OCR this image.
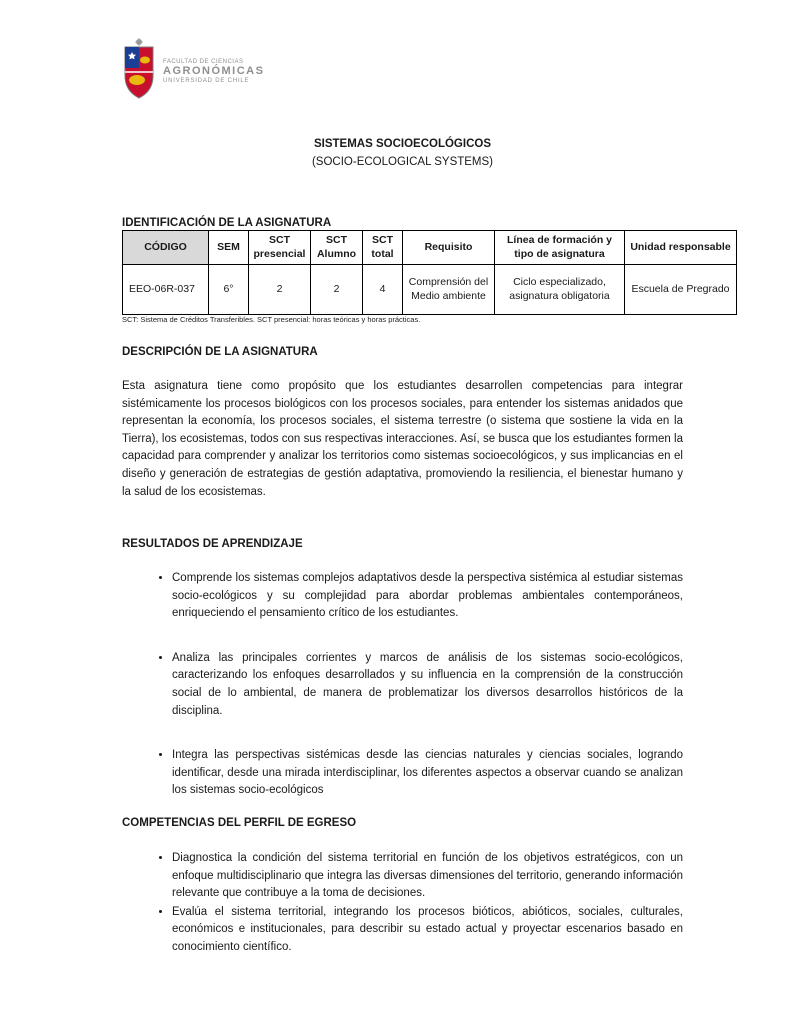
FACULTAD DE CIENCIAS
AGRONÓMICAS
UNIVERSIDAD DE CHILE
SISTEMAS SOCIOECOLÓGICOS
(SOCIO-ECOLOGICAL SYSTEMS)
IDENTIFICACIÓN DE LA ASIGNATURA
CÓDIGO	SEM	SCT presencial	SCT Alumno	SCT total	Requisito	Línea de formación y tipo de asignatura	Unidad responsable
EEO-06R-037	6°	2	2	4	Comprensión del Medio ambiente	Ciclo especializado, asignatura obligatoria	Escuela de Pregrado
SCT: Sistema de Créditos Transferibles. SCT presencial: horas teóricas y horas prácticas.
DESCRIPCIÓN DE LA ASIGNATURA
Esta asignatura tiene como propósito que los estudiantes desarrollen competencias para integrar sistémicamente los procesos biológicos con los procesos sociales, para entender los sistemas anidados que representan la economía, los procesos sociales, el sistema terrestre (o sistema que sostiene la vida en la Tierra), los ecosistemas, todos con sus respectivas interacciones. Así, se busca que los estudiantes formen la capacidad para comprender y analizar los territorios como sistemas socioecológicos, y sus implicancias en el diseño y generación de estrategias de gestión adaptativa, promoviendo la resiliencia, el bienestar humano y la salud de los ecosistemas.
RESULTADOS DE APRENDIZAJE
• Comprende los sistemas complejos adaptativos desde la perspectiva sistémica al estudiar sistemas socio-ecológicos y su complejidad para abordar problemas ambientales contemporáneos, enriqueciendo el pensamiento crítico de los estudiantes.
• Analiza las principales corrientes y marcos de análisis de los sistemas socio-ecológicos, caracterizando los enfoques desarrollados y su influencia en la comprensión de la construcción social de lo ambiental, de manera de problematizar los diversos desarrollos históricos de la disciplina.
• Integra las perspectivas sistémicas desde las ciencias naturales y ciencias sociales, logrando identificar, desde una mirada interdisciplinar, los diferentes aspectos a observar cuando se analizan los sistemas socio-ecológicos
COMPETENCIAS DEL PERFIL DE EGRESO
• Diagnostica la condición del sistema territorial en función de los objetivos estratégicos, con un enfoque multidisciplinario que integra las diversas dimensiones del territorio, generando información relevante que contribuye a la toma de decisiones.
• Evalúa el sistema territorial, integrando los procesos bióticos, abióticos, sociales, culturales, económicos e institucionales, para describir su estado actual y proyectar escenarios basado en conocimiento científico.
